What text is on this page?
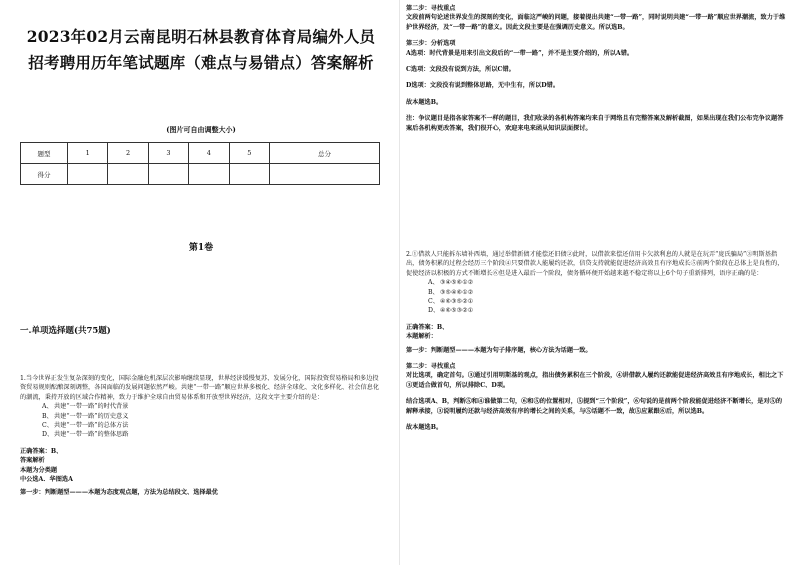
2023年02月云南昆明石林县教育体育局编外人员招考聘用历年笔试题库（难点与易错点）答案解析
(图片可自由调整大小)
题型	1	2	3	4	5	总分
得分						
第1卷
一.单项选择题(共75题)
1.当今世界正发生复杂深刻的变化，国际金融危机深层次影响继续显现，世界经济缓慢复苏、发展分化，国际投资贸易格局和多边投资贸易规则酝酿深刻调整，各国面临的发展问题依然严峻。共建“一带一路”顺应世界多极化、经济全球化、文化多样化、社会信息化的潮流，秉持开放的区域合作精神，致力于维护全球自由贸易体系和开放型世界经济，这段文字主要介绍的是：
A、共建“一带一路”的时代背景
B、共建“一带一路”的历史意义
C、共建“一带一路”的总体方法
D、共建“一带一路”的整体思路
正确答案：B、
答案解析
本题为分类题
中公选A．华图选A
第一步：判断题型———本题为态度观点题，方法为总结段文、选择最优
第二步：寻找重点
文段前两句论述世界发生的深刻的变化，面临这严峻的问题，接着提出共建“一带一路”，同时说明共建“一带一路”顺应世界潮流，致力于维护世界经济，及“一带一路”的意义。因此文段主要是在强调历史意义。所以选B。
第三步：分析选项
A选项：时代背景是用来引出文段后的“一带一路”，并不是主要介绍的，所以A错。
C选项：文段没有说到方法，所以C错。
D选项：文段没有说到整体思路，无中生有，所以D错。
故本题选B。
注：争议题目是指各家答案不一样的题目，我们收录的各机构答案均来自于网络且有完整答案及解析截图，如果出现在我们公布完争议题答案后各机构更改答案，我们很开心，欢迎来电来函从知识层面探讨。
2.①借款人只能拆东墙补西墙，通过举借新债才能偿还旧债②此时，以借款来偿还信用卡欠款利息的人就是在玩弄“庞氏骗局”③明斯基指出，债务积累的过程会经历三个阶段④只要借款人能履约还款，信贷支持就能促进经济高效且有序地成长⑤前两个阶段在总体上是良性的，促使经济以积极的方式不断增长⑥但是进入最后一个阶段，债务循环便开始越来越不稳定将以上6个句子重新排列，语序正确的是：
A、③④⑤⑥①②
B、③⑤④⑥①②
C、④⑥③⑤②①
D、④⑥⑤③②①
正确答案：B、
本题解析：
第一步：判断题型———本题为句子排序题，核心方法为话题一致。
第二步：寻找重点
对比选项，确定首句。③通过引用明斯基的观点，指出债务累积在三个阶段，④讲借款人履约还款能促进经济高效且有序地成长，相比之下③更适合做首句，所以排除C、D项。
结合选项A、B，判断⑤和④谁做第二句，⑥和⑤的位置相对，⑤提到“三个阶段”，⑥句说的是前两个阶段能促进经济不断增长，是对⑤的解释承接，③说明履约还款与经济高效有序的增长之间的关系，与⑤话题不一致，故⑤应紧跟⑥后，所以选B。
故本题选B。
